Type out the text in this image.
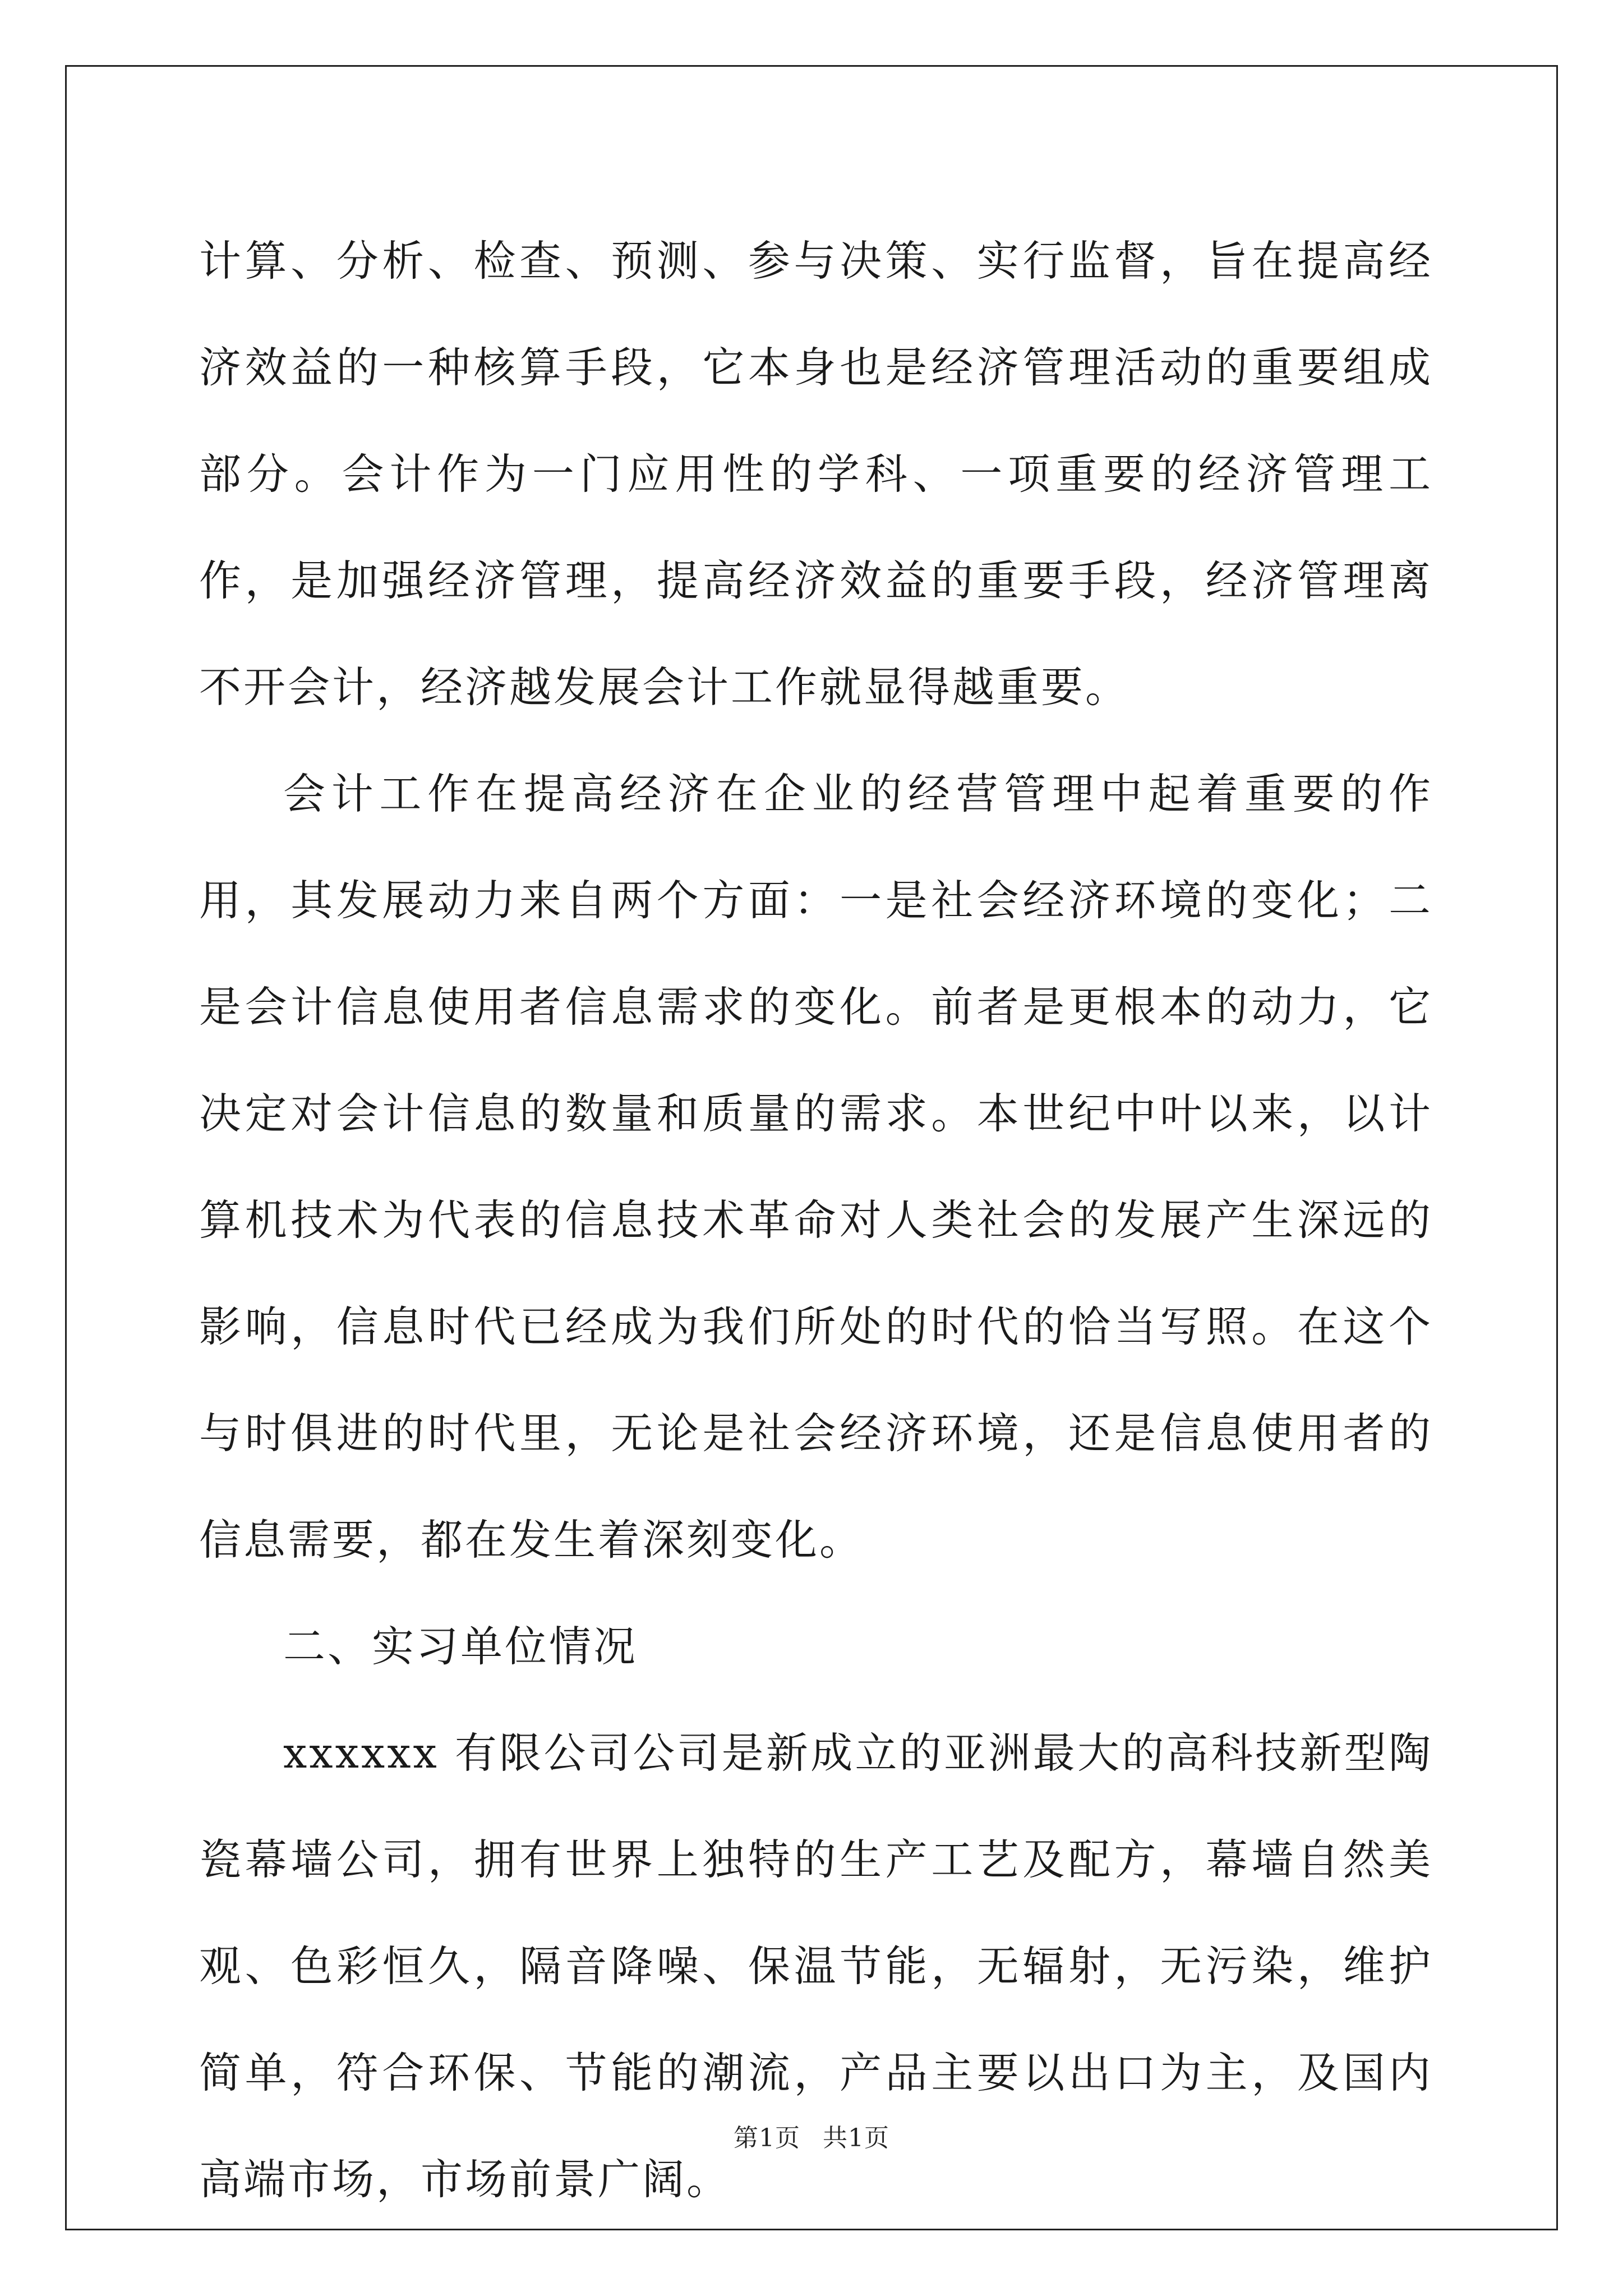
计算、分析、检查、预测、参与决策、实行监督，旨在提高经济效益的一种核算手段，它本身也是经济管理活动的重要组成部分。会计作为一门应用性的学科、一项重要的经济管理工作，是加强经济管理，提高经济效益的重要手段，经济管理离不开会计，经济越发展会计工作就显得越重要。

会计工作在提高经济在企业的经营管理中起着重要的作用，其发展动力来自两个方面：一是社会经济环境的变化；二是会计信息使用者信息需求的变化。前者是更根本的动力，它决定对会计信息的数量和质量的需求。本世纪中叶以来，以计算机技术为代表的信息技术革命对人类社会的发展产生深远的影响，信息时代已经成为我们所处的时代的恰当写照。在这个与时俱进的时代里，无论是社会经济环境，还是信息使用者的信息需要，都在发生着深刻变化。

二、实习单位情况

xxxxxx 有限公司公司是新成立的亚洲最大的高科技新型陶瓷幕墙公司，拥有世界上独特的生产工艺及配方，幕墙自然美观、色彩恒久，隔音降噪、保温节能，无辐射，无污染，维护简单，符合环保、节能的潮流，产品主要以出口为主，及国内高端市场，市场前景广阔。

第1页 共1页
